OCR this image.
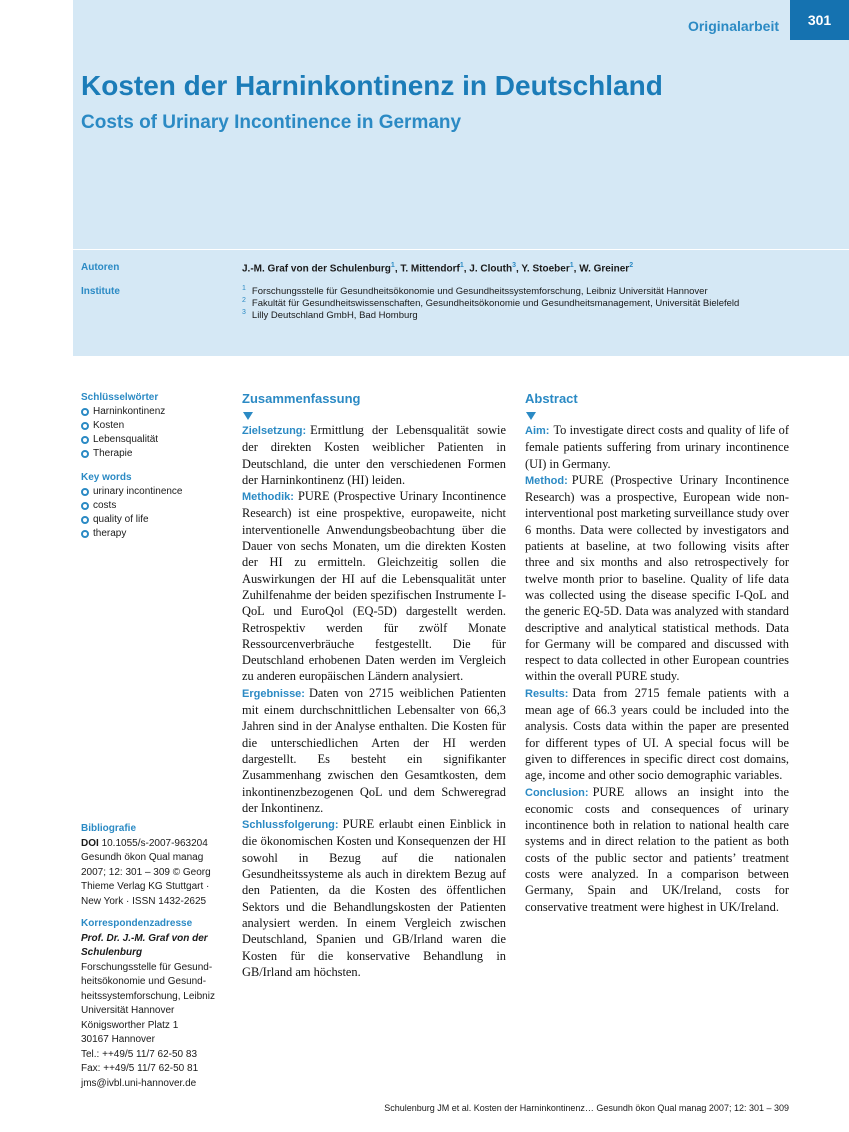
Originalarbeit	301
Kosten der Harninkontinenz in Deutschland
Costs of Urinary Incontinence in Germany
Autoren	J.-M. Graf von der Schulenburg$^1$, T. Mittendorf$^1$, J. Clouth$^3$, Y. Stoeber$^1$, W. Greiner$^2$
Institute	$^1$ Forschungsstelle für Gesundheitsökonomie und Gesundheitssystemforschung, Leibniz Universität Hannover
$^2$ Fakultät für Gesundheitswissenschaften, Gesundheitsökonomie und Gesundheitsmanagement, Universität Bielefeld
$^3$ Lilly Deutschland GmbH, Bad Homburg
Schlüsselwörter
Harninkontinenz
Kosten
Lebensqualität
Therapie
Key words
urinary incontinence
costs
quality of life
therapy
Bibliografie
DOI 10.1055/s-2007-963204
Gesundh ökon Qual manag 2007; 12: 301 – 309 © Georg Thieme Verlag KG Stuttgart · New York · ISSN 1432-2625
Korrespondenzadresse
Prof. Dr. J.-M. Graf von der Schulenburg
Forschungsstelle für Gesund-
heitsökonomie und Gesund-
heitssystemforschung, Leibniz
Universität Hannover
Königsworther Platz 1
30167 Hannover
Tel.: ++49/5 11/7 62-50 83
Fax: ++49/5 11/7 62-50 81
jms@ivbl.uni-hannover.de
Zusammenfassung

Zielsetzung: Ermittlung der Lebensqualität sowie der direkten Kosten weiblicher Patienten in Deutschland, die unter den verschiedenen Formen der Harninkontinenz (HI) leiden.

Methodik: PURE (Prospective Urinary Incontinence Research) ist eine prospektive, europaweite, nicht interventionelle Anwendungsbeobachtung über die Dauer von sechs Monaten, um die direkten Kosten der HI zu ermitteln. Gleichzeitig sollen die Auswirkungen der HI auf die Lebensqualität unter Zuhilfenahme der beiden spezifischen Instrumente I-QoL und EuroQol (EQ-5D) dargestellt werden. Retrospektiv werden für zwölf Monate Ressourcenverbräuche festgestellt. Die für Deutschland erhobenen Daten werden im Vergleich zu anderen europäischen Ländern analysiert.

Ergebnisse: Daten von 2715 weiblichen Patienten mit einem durchschnittlichen Lebensalter von 66,3 Jahren sind in der Analyse enthalten. Die Kosten für die unterschiedlichen Arten der HI werden dargestellt. Es besteht ein signifikanter Zusammenhang zwischen den Gesamtkosten, dem inkontinenzbezogenen QoL und dem Schweregrad der Inkontinenz.

Schlussfolgerung: PURE erlaubt einen Einblick in die ökonomischen Kosten und Konsequenzen der HI sowohl in Bezug auf die nationalen Gesundheitssysteme als auch in direktem Bezug auf den Patienten, da die Kosten des öffentlichen Sektors und die Behandlungskosten der Patienten analysiert werden. In einem Vergleich zwischen Deutschland, Spanien und GB/Irland waren die Kosten für die konservative Behandlung in GB/Irland am höchsten.

Abstract

Aim: To investigate direct costs and quality of life of female patients suffering from urinary incontinence (UI) in Germany.

Method: PURE (Prospective Urinary Incontinence Research) was a prospective, European wide non-interventional post marketing surveillance study over 6 months. Data were collected by investigators and patients at baseline, at two following visits after three and six months and also retrospectively for twelve month prior to baseline. Quality of life data was collected using the disease specific I-QoL and the generic EQ-5D. Data was analyzed with standard descriptive and analytical statistical methods. Data for Germany will be compared and discussed with respect to data collected in other European countries within the overall PURE study.

Results: Data from 2715 female patients with a mean age of 66.3 years could be included into the analysis. Costs data within the paper are presented for different types of UI. A special focus will be given to differences in specific direct cost domains, age, income and other socio demographic variables.

Conclusion: PURE allows an insight into the economic costs and consequences of urinary incontinence both in relation to national health care systems and in direct relation to the patient as both costs of the public sector and patients’ treatment costs were analyzed. In a comparison between Germany, Spain and UK/Ireland, costs for conservative treatment were highest in UK/Ireland.

Schulenburg JM et al. Kosten der Harninkontinenz… Gesundh ökon Qual manag 2007; 12: 301 – 309
